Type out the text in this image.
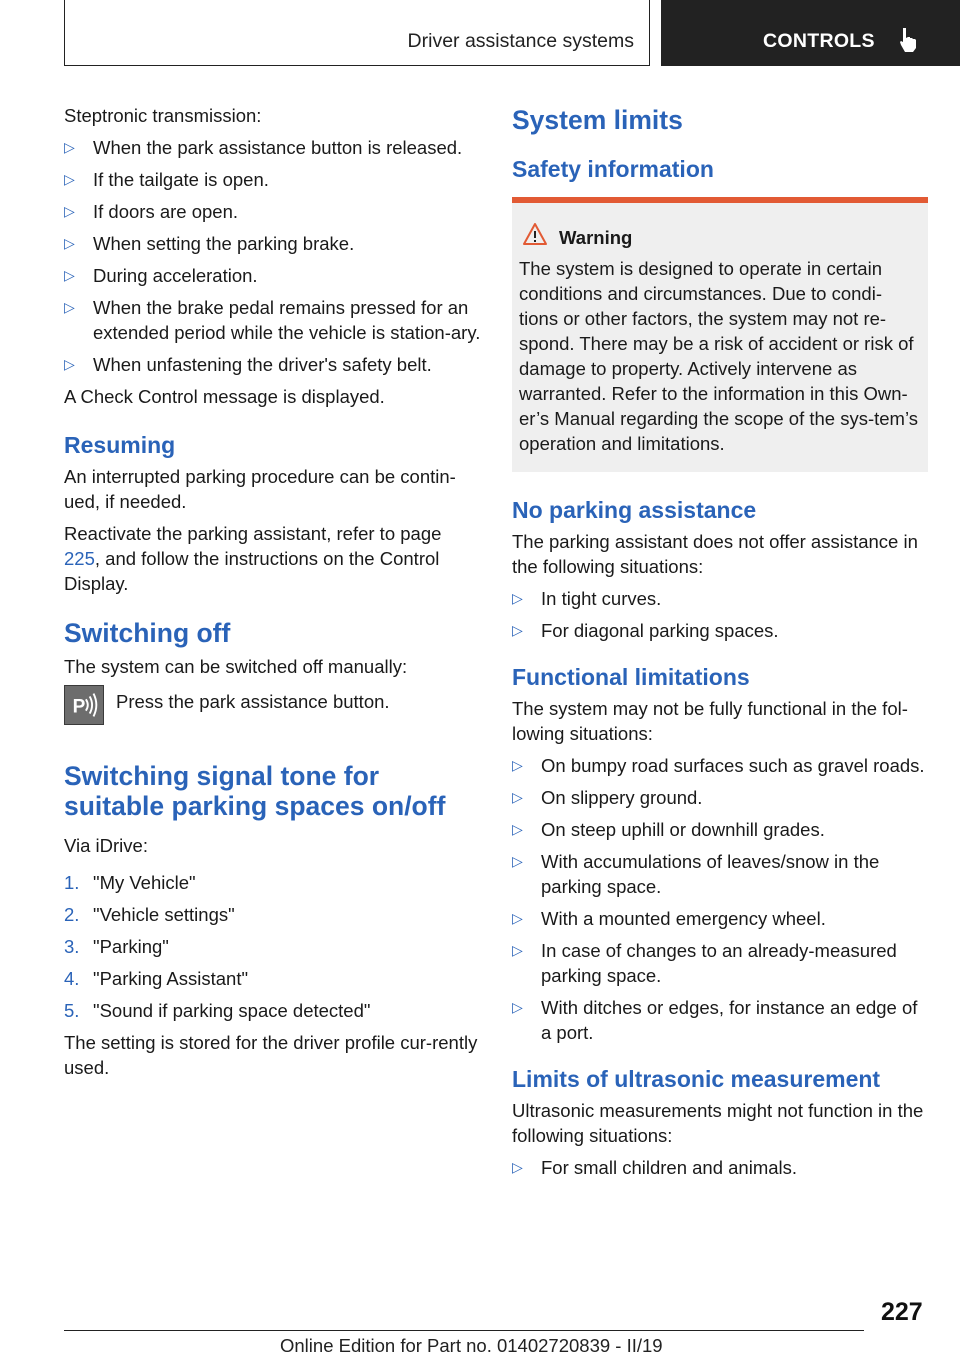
Driver assistance systems	CONTROLS

Steptronic transmission:

▷ When the park assistance button is released.
▷ If the tailgate is open.
▷ If doors are open.
▷ When setting the parking brake.
▷ During acceleration.
▷ When the brake pedal remains pressed for an extended period while the vehicle is station‐ary.
▷ When unfastening the driver's safety belt.

A Check Control message is displayed.

Resuming

An interrupted parking procedure can be contin‐ued, if needed.

Reactivate the parking assistant, refer to page 225, and follow the instructions on the Control Display.

Switching off

The system can be switched off manually:

P Press the park assistance button.
Switching signal tone for suitable parking spaces on/off

Via iDrive:

1. "My Vehicle"
2. "Vehicle settings"
3. "Parking"
4. "Parking Assistant"
5. "Sound if parking space detected"

The setting is stored for the driver profile cur‐rently used.

System limits
Safety information
Warning
The system is designed to operate in certain conditions and circumstances. Due to condi‐tions or other factors, the system may not re‐spond. There may be a risk of accident or risk of damage to property. Actively intervene as warranted. Refer to the information in this Own‐er’s Manual regarding the scope of the sys‐tem’s operation and limitations.
No parking assistance

The parking assistant does not offer assistance in the following situations:

▷ In tight curves.
▷ For diagonal parking spaces.
Functional limitations

The system may not be fully functional in the fol‐lowing situations:

▷ On bumpy road surfaces such as gravel roads.
▷ On slippery ground.
▷ On steep uphill or downhill grades.
▷ With accumulations of leaves/snow in the parking space.
▷ With a mounted emergency wheel.
▷ In case of changes to an already-measured parking space.
▷ With ditches or edges, for instance an edge of a port.
Limits of ultrasonic measurement

Ultrasonic measurements might not function in the following situations:

▷ For small children and animals.
227
Online Edition for Part no. 01402720839 - II/19
